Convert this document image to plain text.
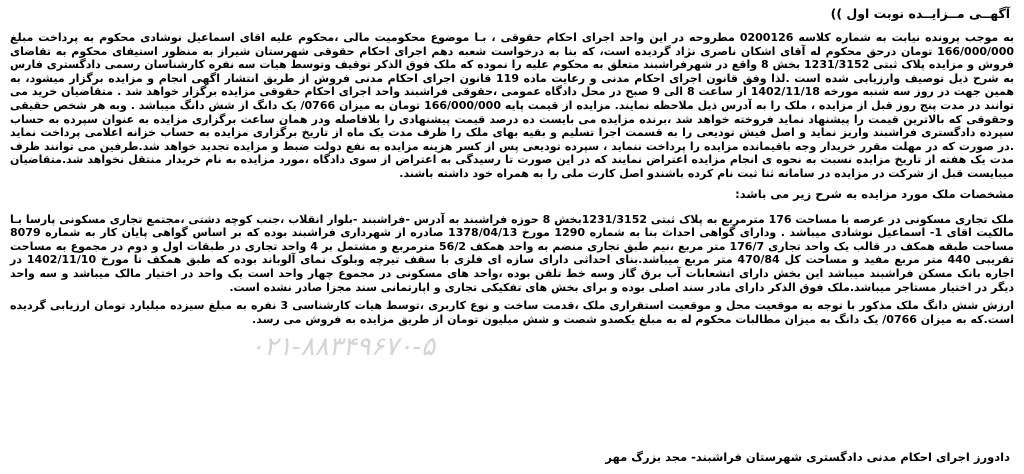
آگهــی مــزایــده نوبت اول ))

به موجب پرونده نیابت به شماره کلاسه 0200126 مطروحه در این واحد اجرای احکام حقوقی ، بـا موضوع محکومیت مالی ،محکوم علیه اقای اسماعیل نوشادی محکوم به پرداخت مبلغ 166/000/000 تومان درحق محکوم له آقای اشکان ناصری نژاد گردیده است، که بنا به درخواست شعبه دهم اجرای احکام حقوقی شهرستان شیراز به منظور استیفای محکوم به تقاضای فروش و مزایده پلاک ثبتی 1231/3152 بخش 8 واقع در شهرفراشبند متعلق به محکوم علیه را نموده که ملک فوق الذکر توقیف وتوسط هیات سه نفره کارشناسان رسمی دادگستری فارس به شرح ذیل توصیف وارزیابی شده است .لذا وفق قانون اجرای احکام مدنی و رعایت ماده 119 قانون اجرای احکام مدنی فروش از طریق انتشار اگهی انجام و مزایده برگزار میشود، به همین جهت در روز سه شنبه مورخه 1402/11/18 از ساعت 8 الی 9 صبح در محل دادگاه عمومی ،حقوقی فراشبند واحد اجرای احکام حقوقی مزایده برگزار خواهد شد . متقاضیان خرید می توانند در مدت پنج روز قبل از مزایده ، ملک را به آدرس ذیل ملاحظه نمایند. مزایده از قیمت پایه 166/000/000 تومان به میزان 0766/ یک دانگ از شش دانگ میباشد . وبه هر شخص حقیقی وحقوقی که بالاترین قیمت را پیشنهاد نماید فروخته خواهد شد ،برنده مزایده می بایست ده درصد قیمت پیشنهادی را بلافاصله ودر همان ساعت برگزاری مزایده به عنوان سپرده به حساب سپرده دادگستری فراشبند واریز نماید و اصل فیش تودیعی را به قسمت اجرا تسلیم و بقیه بهای ملک را ظرف مدت یک ماه از تاریخ برگزاری مزایده به حساب خزانه اعلامی پرداخت نماید .در صورت که در مهلت مقرر خریدار وجه باقیمانده مزایده را پرداخت ننماید ، سپرده تودیعی پس از کسر هزینه مزایده به نفع دولت ضبط و مزایده تجدید خواهد شد.طرفین می توانند ظرف مدت یک هفته از تاریخ مزایده نسبت به نحوه ی انجام مزایده اعتراض نمایند که در این صورت تا رسیدگی به اعتراض از سوی دادگاه ،مورد مزایده به نام خریدار منتقل نخواهد شد.متقاضیان میبایست قبل از شرکت در مزایده در سامانه ثنا ثبت نام کرده باشندو اصل کارت ملی را به همراه خود داشته باشند.

مشخصات ملک مورد مزایده به شرح زیر می باشد:

ملک تجاری مسکونی در عرصه با مساحت 176 مترمربع به پلاک ثبتی 1231/3152بخش 8 حوزه فراشبند به آدرس -فراشبند -بلوار انقلاب ،جنب کوچه دشتی ،مجتمع تجاری مسکونی پارسا بـا مالکیت اقای 1- اسماعیل نوشادی میباشد . ودارای گواهی احداث بنا به شماره 1290 مورخ 1378/04/13 صادره از شهرداری فراشبند بوده که بر اساس گواهی پایان کار به شماره 8079 مساحت طبقه همکف در قالب یک واحد تجاری 176/7 متر مربع ،نیم طبق تجاری منضم به واحد همکف 56/2 مترمربع و مشتمل بر 4 واحد تجاری در طبقات اول و دوم در مجموع به مساحت تقریبی 440 متر مربع مفید و مساحت کل 470/84 متر مربع میباشد.بنای احداثی دارای سازه ای فلزی با سقف تیرچه وبلوک نمای آلوباند بوده که طبق همکف تا مورخ 1402/11/10 در اجاره بانک مسکن فراشبند میباشد این بخش دارای انشعابات آب برق گاز وسه خط تلفن بوده ،واحد های مسکونی در مجموع چهار واحد است یک واحد در اختیار مالک میباشد و سه واحد دیگر در اختیار مستاجر میباشد.ملک فوق الذکر دارای مادر سند اصلی بوده و برای بخش های تفکیکی تجاری و اپارتمانی سند مجزا صادر نشده است.

ارزش شش دانگ ملک مذکور با توجه به موقعیت محل و موقعیت استقراری ملک ،قدمت ساخت و نوع کاربری ،توسط هیات کارشناسی 3 نفره به مبلغ سیزده میلیارد تومان ارزیابی گردیده است.که به میزان 0766/ یک دانگ به میزان مطالبات محکوم له به مبلغ یکصدو شصت و شش میلیون تومان از طریق مزایده به فروش می رسد.

۰۲۱-۸۸۳۴۹۶۷۰-۵
دادورز اجرای احکام مدنی دادگستری شهرستان فراشبند- مجد بزرگ مهر
